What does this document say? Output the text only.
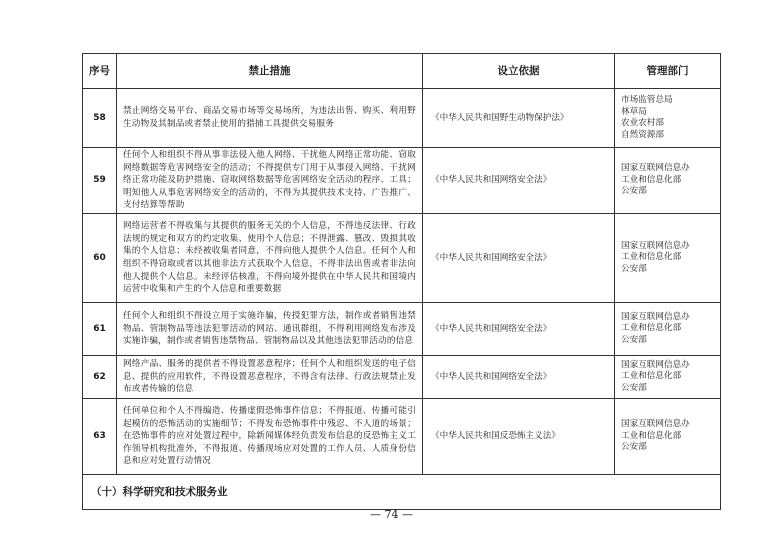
序号	禁止措施	设立依据	管理部门
58	禁止网络交易平台、商品交易市场等交易场所，为违法出售、购买、利用野生动物及其制品或者禁止使用的猎捕工具提供交易服务	《中华人民共和国野生动物保护法》	市场监管总局
林草局
农业农村部
自然资源部

59	任何个人和组织不得从事非法侵入他人网络、干扰他人网络正常功能、窃取网络数据等危害网络安全的活动；不得提供专门用于从事侵入网络、干扰网络正常功能及防护措施、窃取网络数据等危害网络安全活动的程序、工具；明知他人从事危害网络安全的活动的，不得为其提供技术支持、广告推广、支付结算等帮助	《中华人民共和国网络安全法》	国家互联网信息办
工业和信息化部
公安部

60	网络运营者不得收集与其提供的服务无关的个人信息，不得违反法律、行政法规的规定和双方的约定收集、使用个人信息；不得泄露、篡改、毁损其收集的个人信息；未经被收集者同意，不得向他人提供个人信息。任何个人和组织不得窃取或者以其他非法方式获取个人信息，不得非法出售或者非法向他人提供个人信息。未经评估核准，不得向境外提供在中华人民共和国境内运营中收集和产生的个人信息和重要数据	《中华人民共和国网络安全法》	国家互联网信息办
工业和信息化部
公安部

61	任何个人和组织不得设立用于实施诈骗，传授犯罪方法，制作或者销售违禁物品、管制物品等违法犯罪活动的网站、通讯群组，不得利用网络发布涉及实施诈骗，制作或者销售违禁物品、管制物品以及其他违法犯罪活动的信息	《中华人民共和国网络安全法》	国家互联网信息办
工业和信息化部
公安部

62	网络产品、服务的提供者不得设置恶意程序；任何个人和组织发送的电子信息、提供的应用软件，不得设置恶意程序，不得含有法律、行政法规禁止发布或者传输的信息	《中华人民共和国网络安全法》	国家互联网信息办
工业和信息化部
公安部

63	任何单位和个人不得编造、传播虚假恐怖事件信息；不得报道、传播可能引起模仿的恐怖活动的实施细节；不得发布恐怖事件中残忍、不人道的场景；在恐怖事件的应对处置过程中，除新闻媒体经负责发布信息的反恐怖主义工作领导机构批准外，不得报道、传播现场应对处置的工作人员、人质身份信息和应对处置行动情况	《中华人民共和国反恐怖主义法》	国家互联网信息办
工业和信息化部
公安部

（十）科学研究和技术服务业			
— 74 —
